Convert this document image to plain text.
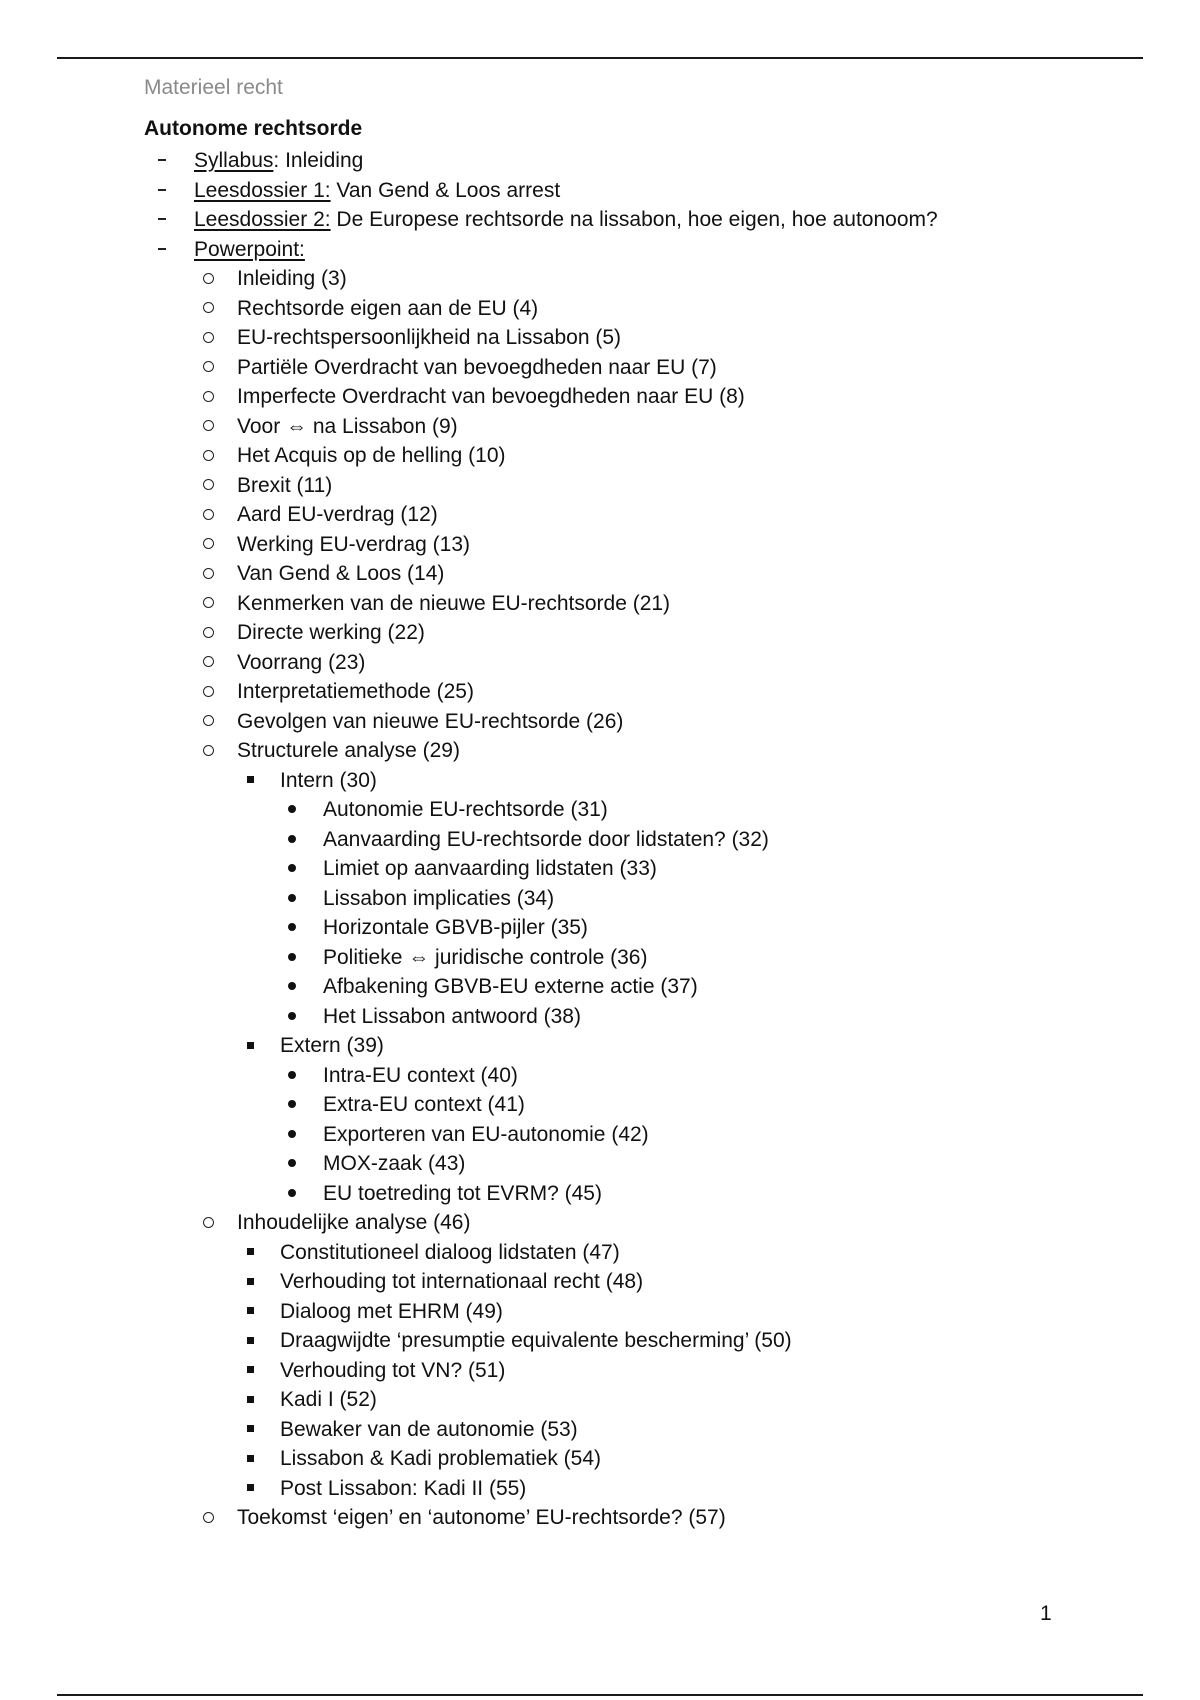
Materieel recht
Autonome rechtsorde
Syllabus: Inleiding
Leesdossier 1: Van Gend & Loos arrest
Leesdossier 2: De Europese rechtsorde na lissabon, hoe eigen, hoe autonoom?
Powerpoint:
Inleiding (3)
Rechtsorde eigen aan de EU (4)
EU-rechtspersoonlijkheid na Lissabon (5)
Partiële Overdracht van bevoegdheden naar EU (7)
Imperfecte Overdracht van bevoegdheden naar EU (8)
Voor ⇔ na Lissabon (9)
Het Acquis op de helling (10)
Brexit (11)
Aard EU-verdrag (12)
Werking EU-verdrag (13)
Van Gend & Loos (14)
Kenmerken van de nieuwe EU-rechtsorde (21)
Directe werking (22)
Voorrang (23)
Interpretatiemethode (25)
Gevolgen van nieuwe EU-rechtsorde (26)
Structurele analyse (29)
Intern (30)
Autonomie EU-rechtsorde (31)
Aanvaarding EU-rechtsorde door lidstaten? (32)
Limiet op aanvaarding lidstaten (33)
Lissabon implicaties (34)
Horizontale GBVB-pijler (35)
Politieke ⇔ juridische controle (36)
Afbakening GBVB-EU externe actie (37)
Het Lissabon antwoord (38)
Extern (39)
Intra-EU context (40)
Extra-EU context (41)
Exporteren van EU-autonomie (42)
MOX-zaak (43)
EU toetreding tot EVRM? (45)
Inhoudelijke analyse (46)
Constitutioneel dialoog lidstaten (47)
Verhouding tot internationaal recht (48)
Dialoog met EHRM (49)
Draagwijdte ‘presumptie equivalente bescherming’ (50)
Verhouding tot VN? (51)
Kadi I (52)
Bewaker van de autonomie (53)
Lissabon & Kadi problematiek (54)
Post Lissabon: Kadi II (55)
Toekomst ‘eigen’ en ‘autonome’ EU-rechtsorde? (57)
1
